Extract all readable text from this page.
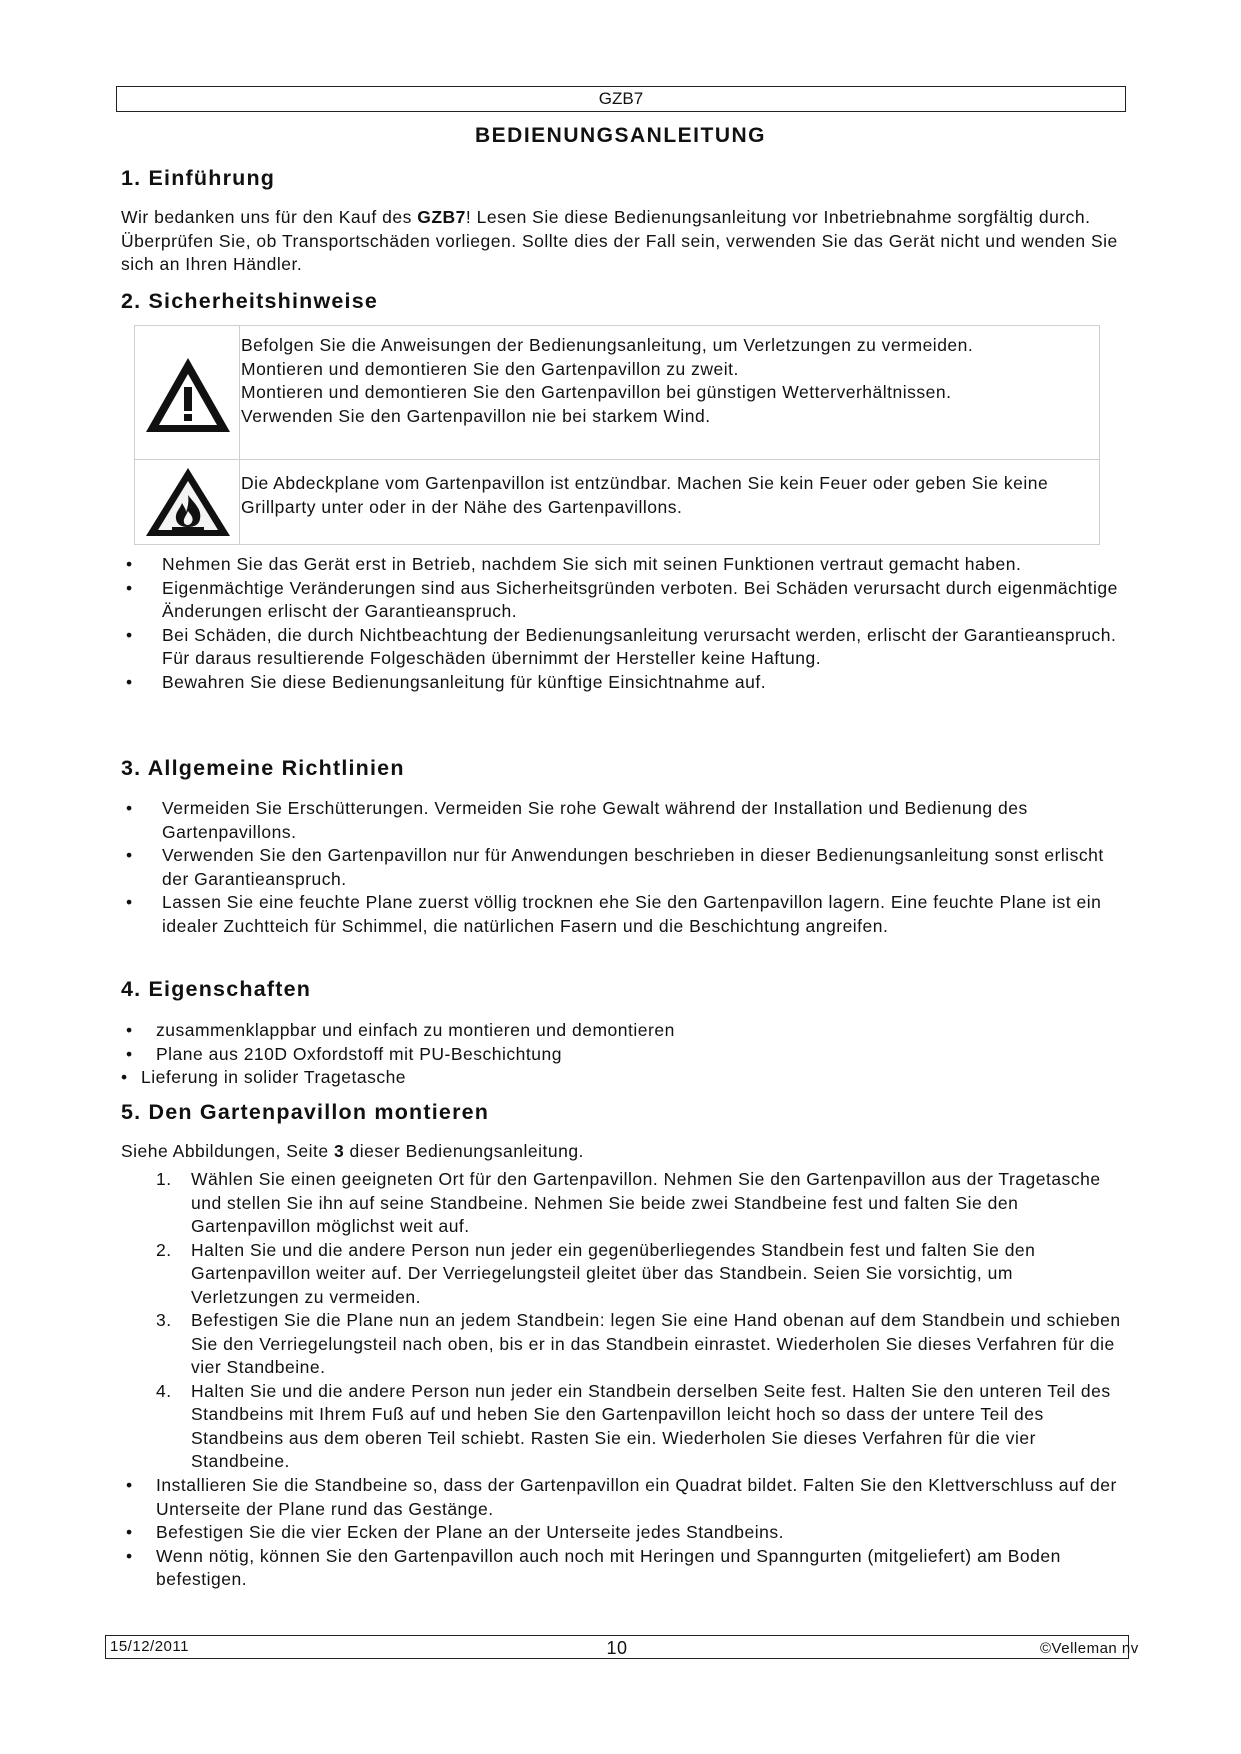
GZB7
BEDIENUNGSANLEITUNG
1. Einführung
Wir bedanken uns für den Kauf des GZB7! Lesen Sie diese Bedienungsanleitung vor Inbetriebnahme sorgfältig durch. Überprüfen Sie, ob Transportschäden vorliegen. Sollte dies der Fall sein, verwenden Sie das Gerät nicht und wenden Sie sich an Ihren Händler.
2. Sicherheitshinweise
Befolgen Sie die Anweisungen der Bedienungsanleitung, um Verletzungen zu vermeiden.
Montieren und demontieren Sie den Gartenpavillon zu zweit.
Montieren und demontieren Sie den Gartenpavillon bei günstigen Wetterverhältnissen.
Verwenden Sie den Gartenpavillon nie bei starkem Wind.
Die Abdeckplane vom Gartenpavillon ist entzündbar. Machen Sie kein Feuer oder geben Sie keine Grillparty unter oder in der Nähe des Gartenpavillons.
• Nehmen Sie das Gerät erst in Betrieb, nachdem Sie sich mit seinen Funktionen vertraut gemacht haben.
• Eigenmächtige Veränderungen sind aus Sicherheitsgründen verboten. Bei Schäden verursacht durch eigenmächtige Änderungen erlischt der Garantieanspruch.
• Bei Schäden, die durch Nichtbeachtung der Bedienungsanleitung verursacht werden, erlischt der Garantieanspruch. Für daraus resultierende Folgeschäden übernimmt der Hersteller keine Haftung.
• Bewahren Sie diese Bedienungsanleitung für künftige Einsichtnahme auf.
3. Allgemeine Richtlinien
• Vermeiden Sie Erschütterungen. Vermeiden Sie rohe Gewalt während der Installation und Bedienung des Gartenpavillons.
• Verwenden Sie den Gartenpavillon nur für Anwendungen beschrieben in dieser Bedienungsanleitung sonst erlischt der Garantieanspruch.
• Lassen Sie eine feuchte Plane zuerst völlig trocknen ehe Sie den Gartenpavillon lagern. Eine feuchte Plane ist ein idealer Zuchtteich für Schimmel, die natürlichen Fasern und die Beschichtung angreifen.
4. Eigenschaften
• zusammenklappbar und einfach zu montieren und demontieren
• Plane aus 210D Oxfordstoff mit PU-Beschichtung
• Lieferung in solider Tragetasche
5. Den Gartenpavillon montieren
Siehe Abbildungen, Seite 3 dieser Bedienungsanleitung.
1. Wählen Sie einen geeigneten Ort für den Gartenpavillon. Nehmen Sie den Gartenpavillon aus der Tragetasche und stellen Sie ihn auf seine Standbeine. Nehmen Sie beide zwei Standbeine fest und falten Sie den Gartenpavillon möglichst weit auf.
2. Halten Sie und die andere Person nun jeder ein gegenüberliegendes Standbein fest und falten Sie den Gartenpavillon weiter auf. Der Verriegelungsteil gleitet über das Standbein. Seien Sie vorsichtig, um Verletzungen zu vermeiden.
3. Befestigen Sie die Plane nun an jedem Standbein: legen Sie eine Hand obenan auf dem Standbein und schieben Sie den Verriegelungsteil nach oben, bis er in das Standbein einrastet. Wiederholen Sie dieses Verfahren für die vier Standbeine.
4. Halten Sie und die andere Person nun jeder ein Standbein derselben Seite fest. Halten Sie den unteren Teil des Standbeins mit Ihrem Fuß auf und heben Sie den Gartenpavillon leicht hoch so dass der untere Teil des Standbeins aus dem oberen Teil schiebt. Rasten Sie ein. Wiederholen Sie dieses Verfahren für die vier Standbeine.
• Installieren Sie die Standbeine so, dass der Gartenpavillon ein Quadrat bildet. Falten Sie den Klettverschluss auf der Unterseite der Plane rund das Gestänge.
• Befestigen Sie die vier Ecken der Plane an der Unterseite jedes Standbeins.
• Wenn nötig, können Sie den Gartenpavillon auch noch mit Heringen und Spanngurten (mitgeliefert) am Boden befestigen.
15/12/2011	10	©Velleman nv
